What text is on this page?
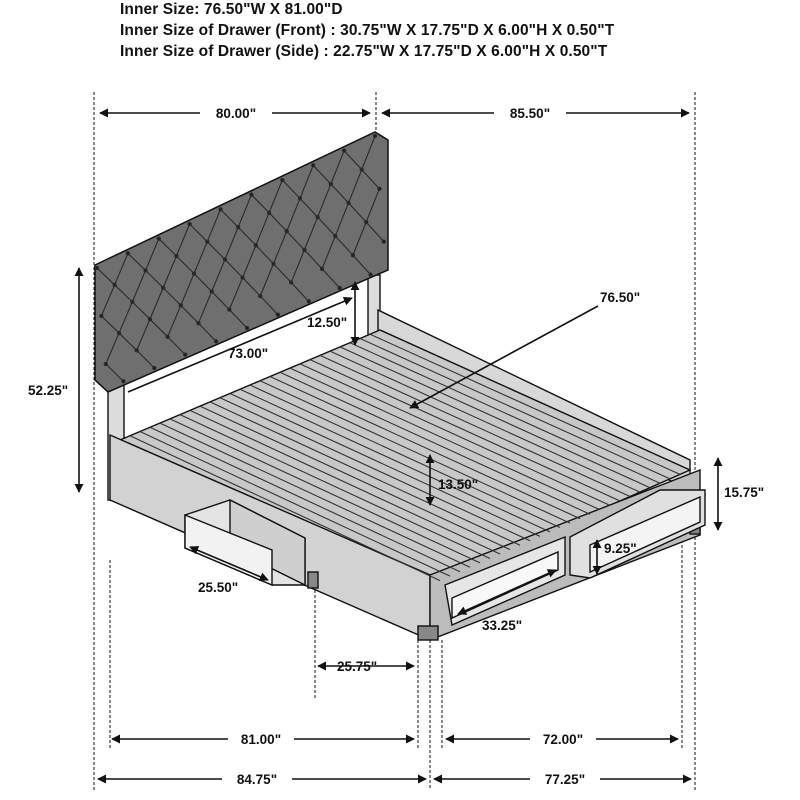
Inner Size: 76.50"W X 81.00"D
Inner Size of Drawer (Front) : 30.75"W X 17.75"D X 6.00"H X 0.50"T
Inner Size of Drawer (Side) : 22.75"W X 17.75"D X 6.00"H X 0.50"T
80.00"	85.50"
52.25"
12.50"
73.00"
76.50"
13.50"
15.75"
9.25"
25.50"
33.25"
25.75"
81.00"	72.00"
84.75"	77.25"
